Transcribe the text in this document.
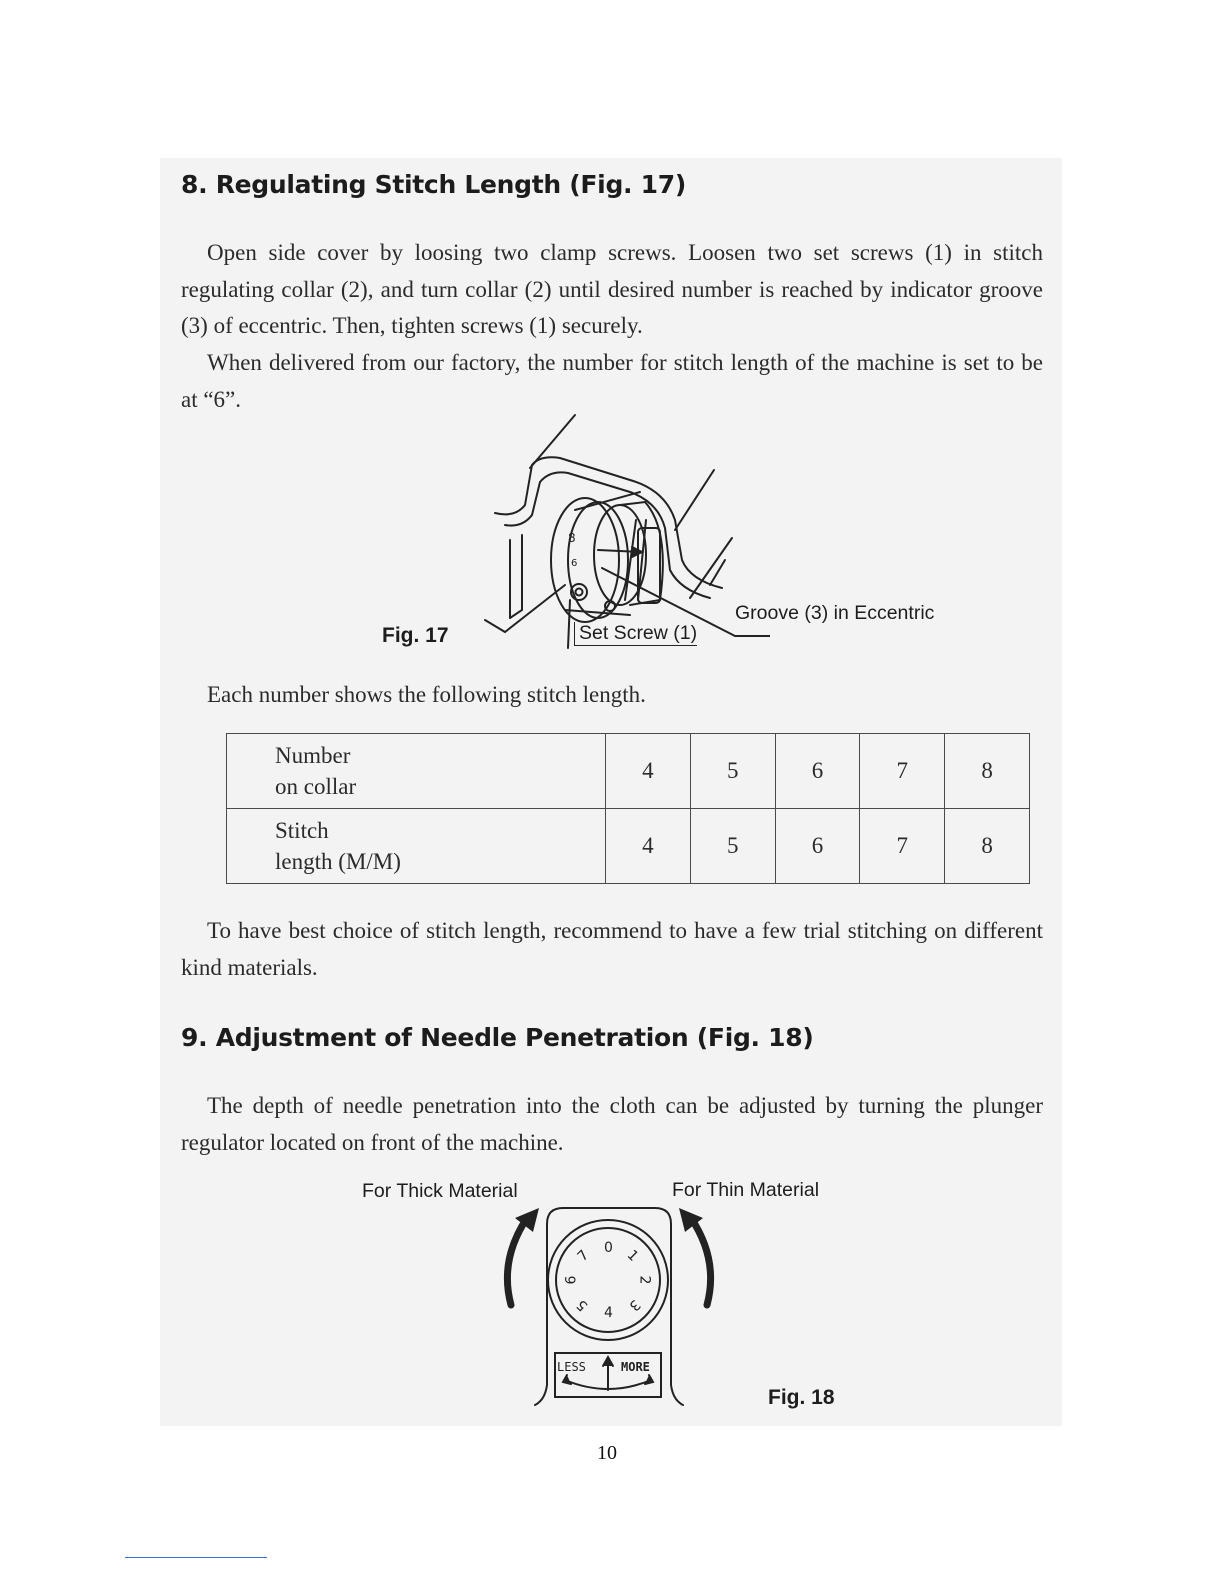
8. Regulating Stitch Length (Fig. 17)

Open side cover by loosing two clamp screws. Loosen two set screws (1) in stitch regulating collar (2), and turn collar (2) until desired number is reached by indicator groove (3) of eccentric. Then, tighten screws (1) securely.

When delivered from our factory, the number for stitch length of the machine is set to be at “6”.

8
6
Fig. 17
Groove (3) in Eccentric
Set Screw (1)

Each number shows the following stitch length.

Number
on collar	4	5	6	7	8
Stitch
length (M/M)	4	5	6	7	8

To have best choice of stitch length, recommend to have a few trial stitching on different kind materials.

9. Adjustment of Needle Penetration (Fig. 18)

The depth of needle penetration into the cloth can be adjusted by turning the plunger regulator located on front of the machine.

For Thick Material	For Thin Material
0 1
2
3
4
5
6
7
LESS	MORE
Fig. 18
10
